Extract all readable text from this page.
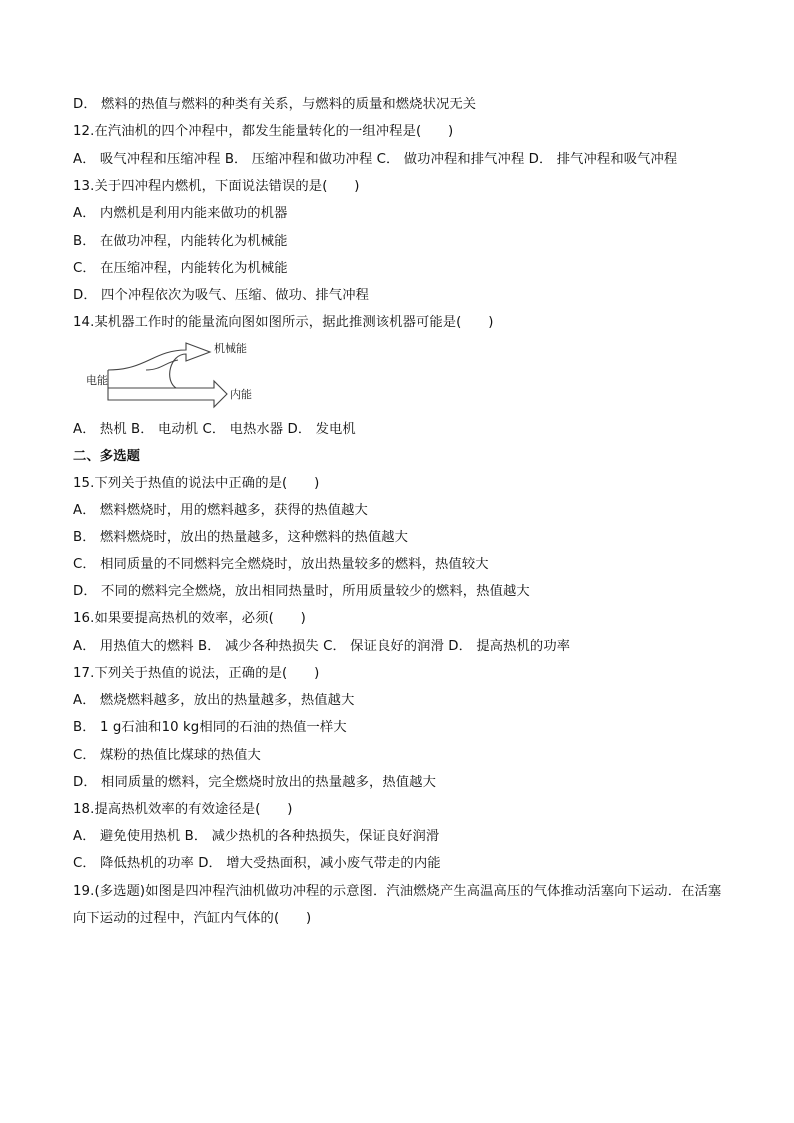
D． 燃料的热值与燃料的种类有关系，与燃料的质量和燃烧状况无关
12.在汽油机的四个冲程中，都发生能量转化的一组冲程是(　　)
A． 吸气冲程和压缩冲程 B． 压缩冲程和做功冲程 C． 做功冲程和排气冲程 D． 排气冲程和吸气冲程
13.关于四冲程内燃机，下面说法错误的是(　　)
A． 内燃机是利用内能来做功的机器
B． 在做功冲程，内能转化为机械能
C． 在压缩冲程，内能转化为机械能
D． 四个冲程依次为吸气、压缩、做功、排气冲程
14.某机器工作时的能量流向图如图所示，据此推测该机器可能是(　　)
电能
机械能
内能
A． 热机 B． 电动机 C． 电热水器 D． 发电机
二、多选题
15.下列关于热值的说法中正确的是(　　)
A． 燃料燃烧时，用的燃料越多，获得的热值越大
B． 燃料燃烧时，放出的热量越多，这种燃料的热值越大
C． 相同质量的不同燃料完全燃烧时，放出热量较多的燃料，热值较大
D． 不同的燃料完全燃烧，放出相同热量时，所用质量较少的燃料，热值越大
16.如果要提高热机的效率，必须(　　)
A． 用热值大的燃料 B． 减少各种热损失 C． 保证良好的润滑 D． 提高热机的功率
17.下列关于热值的说法，正确的是(　　)
A． 燃烧燃料越多，放出的热量越多，热值越大
B． 1 g石油和10 kg相同的石油的热值一样大
C． 煤粉的热值比煤球的热值大
D． 相同质量的燃料，完全燃烧时放出的热量越多，热值越大
18.提高热机效率的有效途径是(　　)
A． 避免使用热机 B． 减少热机的各种热损失，保证良好润滑
C． 降低热机的功率 D． 增大受热面积，减小废气带走的内能
19.(多选题)如图是四冲程汽油机做功冲程的示意图．汽油燃烧产生高温高压的气体推动活塞向下运动．在活塞向下运动的过程中，汽缸内气体的(　　)
